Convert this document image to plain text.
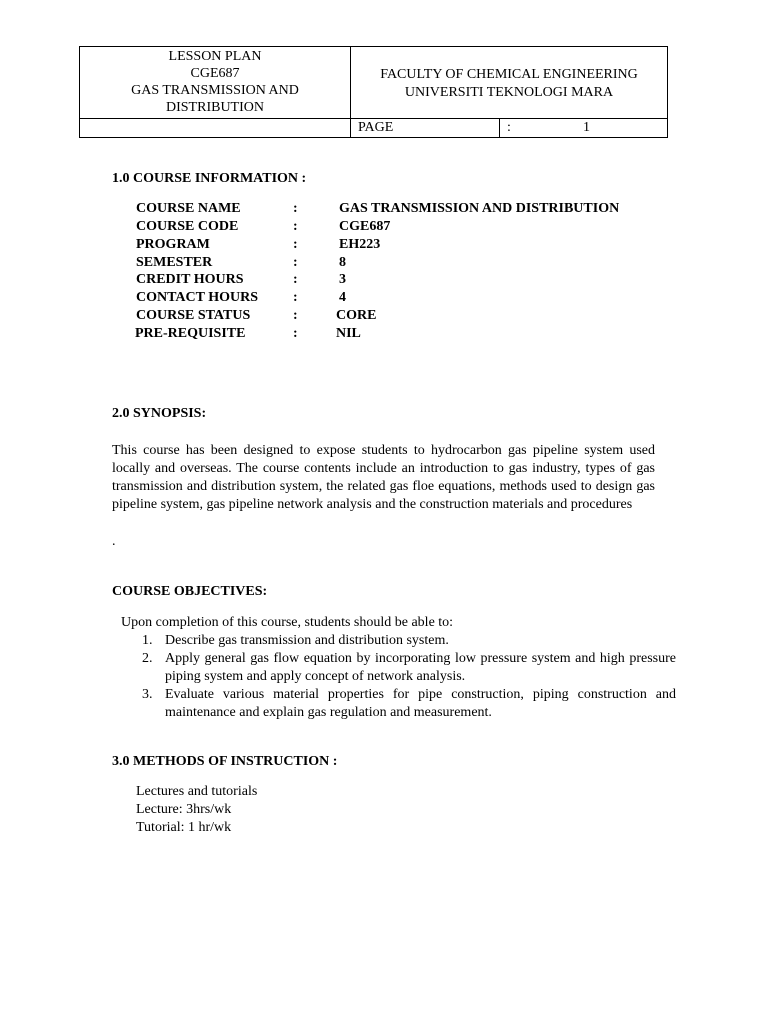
LESSON PLAN
CGE687
GAS TRANSMISSION AND
DISTRIBUTION
FACULTY OF CHEMICAL ENGINEERING
UNIVERSITI TEKNOLOGI MARA
PAGE	:	1
1.0 COURSE INFORMATION :
COURSE NAME	:	GAS TRANSMISSION AND DISTRIBUTION
COURSE CODE	:	CGE687
PROGRAM	:	EH223
SEMESTER	:	8
CREDIT HOURS	:	3
CONTACT HOURS :	4
COURSE STATUS	:	CORE
PRE-REQUISITE	:	NIL
2.0 SYNOPSIS:
This course has been designed to expose students to hydrocarbon gas pipeline system used locally and overseas. The course contents include an introduction to gas industry, types of gas transmission and distribution system, the related gas floe equations, methods used to design gas pipeline system, gas pipeline network analysis and the construction materials and procedures
.
COURSE OBJECTIVES:
Upon completion of this course, students should be able to:
1. Describe gas transmission and distribution system.
2. Apply general gas flow equation by incorporating low pressure system and high pressure piping system and apply concept of network analysis.
3. Evaluate various material properties for pipe construction, piping construction and maintenance and explain gas regulation and measurement.
3.0 METHODS OF INSTRUCTION :
Lectures and tutorials
Lecture: 3hrs/wk
Tutorial: 1 hr/wk
